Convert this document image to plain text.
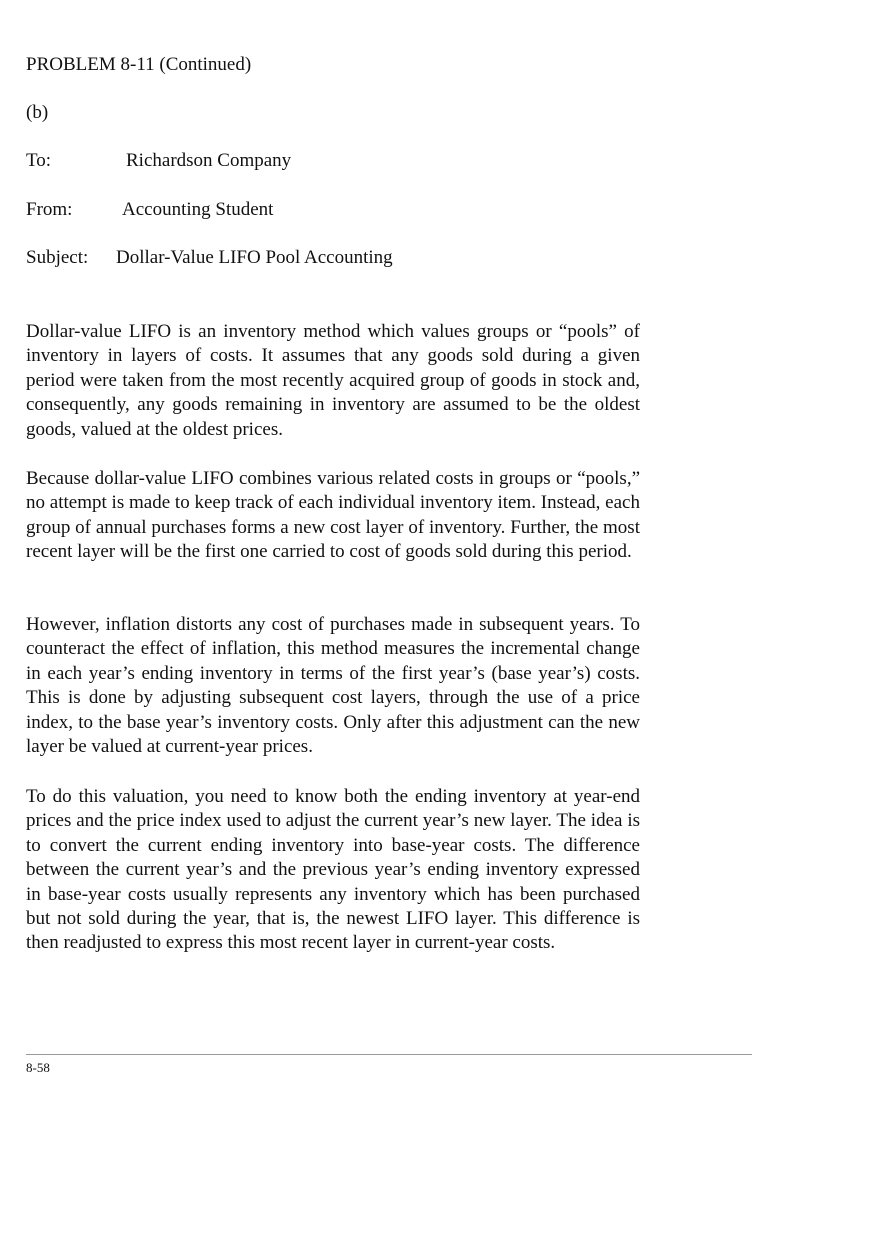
PROBLEM 8-11 (Continued)
(b)
To:	Richardson Company
From:	Accounting Student
Subject: Dollar-Value LIFO Pool Accounting

Dollar-value LIFO is an inventory method which values groups or “pools” of inventory in layers of costs. It assumes that any goods sold during a given period were taken from the most recently acquired group of goods in stock and, consequently, any goods remaining in inventory are assumed to be the oldest goods, valued at the oldest prices.

Because dollar-value LIFO combines various related costs in groups or “pools,” no attempt is made to keep track of each individual inventory item. Instead, each group of annual purchases forms a new cost layer of inventory. Further, the most recent layer will be the first one carried to cost of goods sold during this period.

However, inflation distorts any cost of purchases made in subsequent years. To counteract the effect of inflation, this method measures the incremental change in each year’s ending inventory in terms of the first year’s (base year’s) costs. This is done by adjusting subsequent cost layers, through the use of a price index, to the base year’s inventory costs. Only after this adjustment can the new layer be valued at current-year prices.

To do this valuation, you need to know both the ending inventory at year-end prices and the price index used to adjust the current year’s new layer. The idea is to convert the current ending inventory into base-year costs. The difference between the current year’s and the previous year’s ending inventory expressed in base-year costs usually represents any inventory which has been purchased but not sold during the year, that is, the newest LIFO layer. This difference is then readjusted to express this most recent layer in current-year costs.

8-58
